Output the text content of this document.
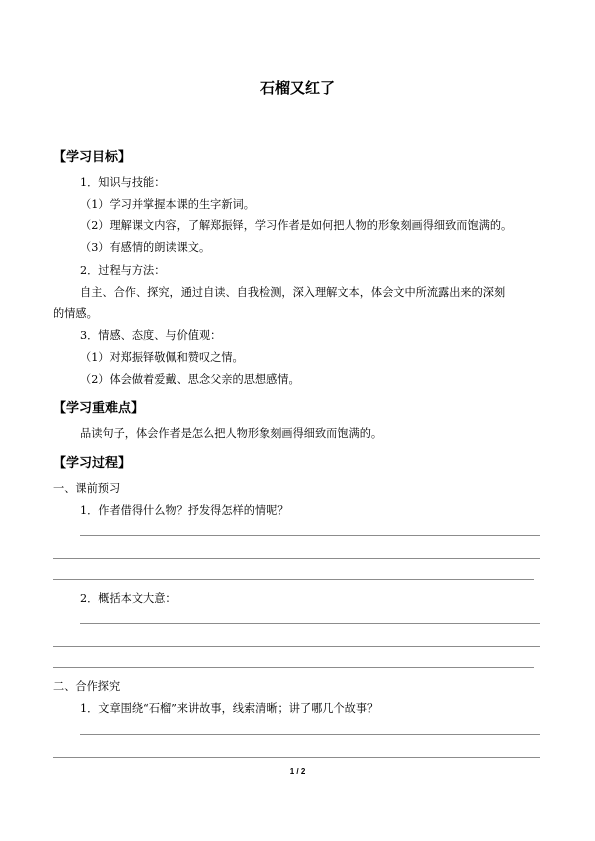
石榴又红了
【学习目标】
1．知识与技能：
（1）学习并掌握本课的生字新词。
（2）理解课文内容，了解郑振铎，学习作者是如何把人物的形象刻画得细致而饱满的。
（3）有感情的朗读课文。
2．过程与方法：
自主、合作、探究，通过自读、自我检测，深入理解文本，体会文中所流露出来的深刻
的情感。
3．情感、态度、与价值观：
（1）对郑振铎敬佩和赞叹之情。
（2）体会做着爱戴、思念父亲的思想感情。
【学习重难点】
品读句子，体会作者是怎么把人物形象刻画得细致而饱满的。
【学习过程】
一、课前预习
1．作者借得什么物？抒发得怎样的情呢？
2．概括本文大意：
二、合作探究
1．文章围绕“石榴”来讲故事，线索清晰；讲了哪几个故事？
1 / 2
